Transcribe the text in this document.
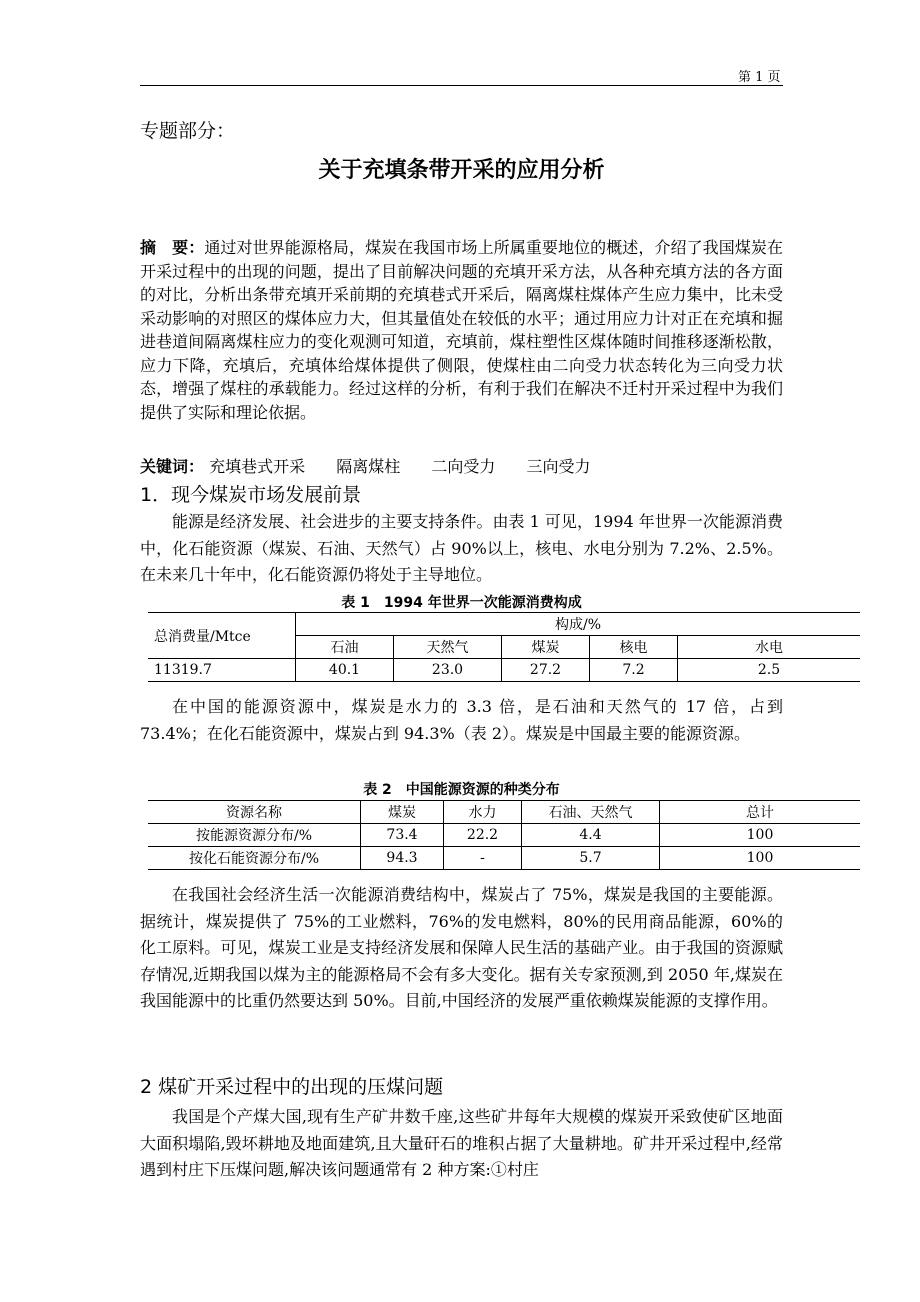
第 1 页
专题部分：
关于充填条带开采的应用分析

摘　要：通过对世界能源格局，煤炭在我国市场上所属重要地位的概述，介绍了我国煤炭在开采过程中的出现的问题，提出了目前解决问题的充填开采方法，从各种充填方法的各方面的对比，分析出条带充填开采前期的充填巷式开采后，隔离煤柱煤体产生应力集中，比未受采动影响的对照区的煤体应力大，但其量值处在较低的水平；通过用应力计对正在充填和掘进巷道间隔离煤柱应力的变化观测可知道，充填前，煤柱塑性区煤体随时间推移逐渐松散，应力下降，充填后，充填体给煤体提供了侧限，使煤柱由二向受力状态转化为三向受力状态，增强了煤柱的承载能力。经过这样的分析，有利于我们在解决不迁村开采过程中为我们提供了实际和理论依据。

关键词： 充填巷式开采 隔离煤柱 二向受力 三向受力
1．现今煤炭市场发展前景

能源是经济发展、社会进步的主要支持条件。由表 1 可见，1994 年世界一次能源消费中，化石能资源（煤炭、石油、天然气）占 90%以上，核电、水电分别为 7.2%、2.5%。在未来几十年中，化石能资源仍将处于主导地位。

表 1　1994 年世界一次能源消费构成
总消费量/Mtce	构成/%				
	石油	天然气	煤炭	核电	水电
11319.7	40.1	23.0	27.2	7.2	2.5

在中国的能源资源中，煤炭是水力的 3.3 倍，是石油和天然气的 17 倍，占到 73.4%；在化石能资源中，煤炭占到 94.3%（表 2）。煤炭是中国最主要的能源资源。

表 2　中国能源资源的种类分布
资源名称	煤炭	水力	石油、天然气	总计
按能源资源分布/%	73.4	22.2	4.4	100
按化石能资源分布/%	94.3	-	5.7	100

在我国社会经济生活一次能源消费结构中，煤炭占了 75%，煤炭是我国的主要能源。据统计，煤炭提供了 75%的工业燃料，76%的发电燃料，80%的民用商品能源，60%的化工原料。可见，煤炭工业是支持经济发展和保障人民生活的基础产业。由于我国的资源赋存情况,近期我国以煤为主的能源格局不会有多大变化。据有关专家预测,到 2050 年,煤炭在我国能源中的比重仍然要达到 50%。目前,中国经济的发展严重依赖煤炭能源的支撑作用。

2 煤矿开采过程中的出现的压煤问题

我国是个产煤大国,现有生产矿井数千座,这些矿井每年大规模的煤炭开采致使矿区地面大面积塌陷,毁坏耕地及地面建筑,且大量矸石的堆积占据了大量耕地。矿井开采过程中,经常遇到村庄下压煤问题,解决该问题通常有 2 种方案:①村庄
